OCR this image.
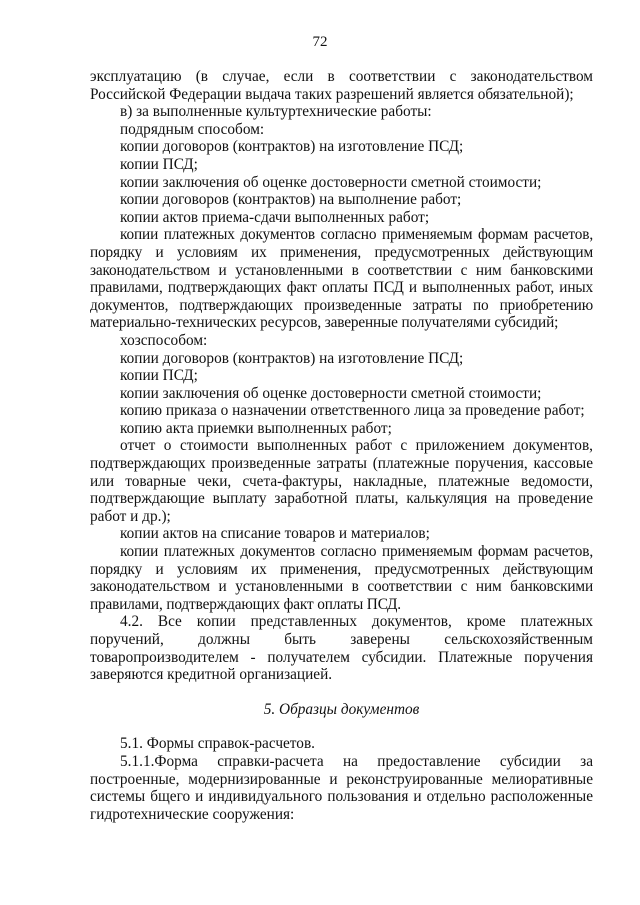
72

эксплуатацию (в случае, если в соответствии с законодательством Российской Федерации выдача таких разрешений является обязательной);

в) за выполненные культуртехнические работы:

подрядным способом:

копии договоров (контрактов) на изготовление ПСД;

копии ПСД;

копии заключения об оценке достоверности сметной стоимости;

копии договоров (контрактов) на выполнение работ;

копии актов приема-сдачи выполненных работ;

копии платежных документов согласно применяемым формам расчетов, порядку и условиям их применения, предусмотренных действующим законодательством и установленными в соответствии с ним банковскими правилами, подтверждающих факт оплаты ПСД и выполненных работ, иных документов, подтверждающих произведенные затраты по приобретению материально-технических ресурсов, заверенные получателями субсидий;

хозспособом:

копии договоров (контрактов) на изготовление ПСД;

копии ПСД;

копии заключения об оценке достоверности сметной стоимости;

копию приказа о назначении ответственного лица за проведение работ;

копию акта приемки выполненных работ;

отчет о стоимости выполненных работ с приложением документов, подтверждающих произведенные затраты (платежные поручения, кассовые или товарные чеки, счета-фактуры, накладные, платежные ведомости, подтверждающие выплату заработной платы, калькуляция на проведение работ и др.);

копии актов на списание товаров и материалов;

копии платежных документов согласно применяемым формам расчетов, порядку и условиям их применения, предусмотренных действующим законодательством и установленными в соответствии с ним банковскими правилами, подтверждающих факт оплаты ПСД.

4.2. Все копии представленных документов, кроме платежных поручений, должны быть заверены сельскохозяйственным товаропроизводителем - получателем субсидии. Платежные поручения заверяются кредитной организацией.

5. Образцы документов

5.1. Формы справок-расчетов.

5.1.1.Форма справки-расчета на предоставление субсидии за построенные, модернизированные и реконструированные мелиоративные системы бщего и индивидуального пользования и отдельно расположенные гидротехнические сооружения:
